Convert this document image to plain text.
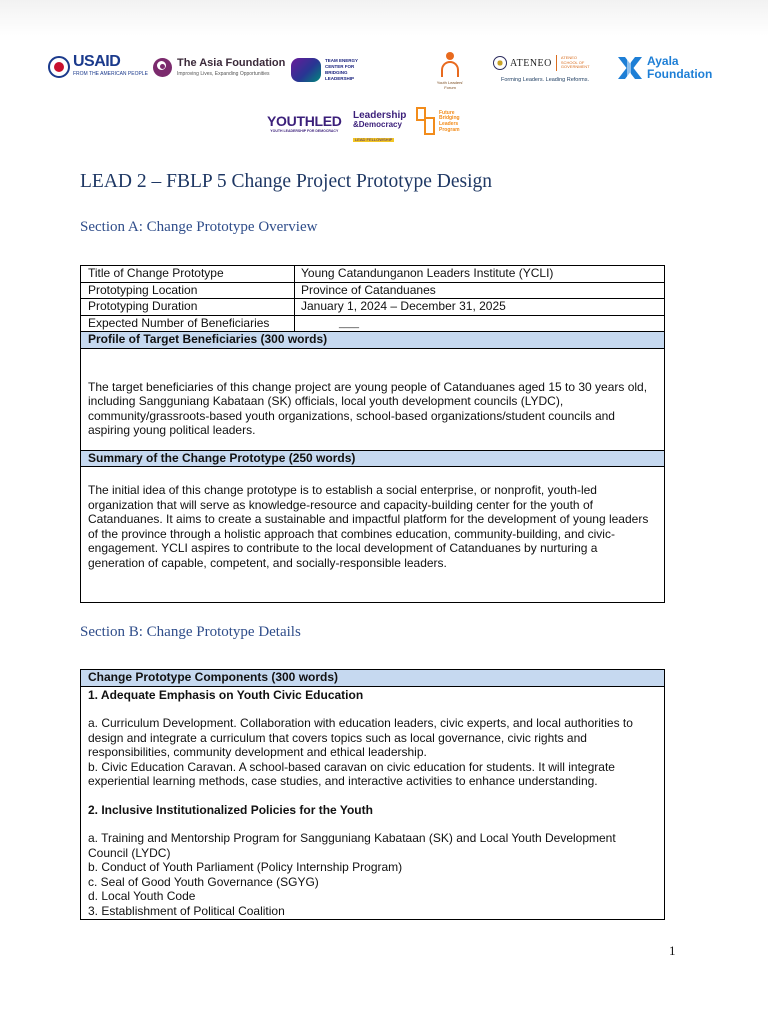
USAID
FROM THE AMERICAN PEOPLE
The Asia Foundation
Improving Lives, Expanding Opportunities
TEAM ENERGY CENTER FOR BRIDGING LEADERSHIP
Youth Leaders' Forum
ATENEO
ATENEO SCHOOL OF GOVERNMENT
Forming Leaders. Leading Reforms.
Ayala
Foundation
YOUTHLED
YOUTH LEADERSHIP FOR DEMOCRACY
Leadership
&Democracy
LEAD FELLOWSHIP
Future
Bridging
Leaders
Program
LEAD 2 – FBLP 5 Change Project Prototype Design
Section A: Change Prototype Overview
Title of Change Prototype	Young Catandunganon Leaders Institute (YCLI)
Prototyping Location	Province of Catanduanes
Prototyping Duration	January 1, 2024 – December 31, 2025
Expected Number of Beneficiaries	____
Profile of Target Beneficiaries (300 words)

The target beneficiaries of this change project are young people of Catanduanes aged 15 to 30 years old, including Sangguniang Kabataan (SK) officials, local youth development councils (LYDC), community/grassroots-based youth organizations, school-based organizations/student councils and aspiring young political leaders.

Summary of the Change Prototype (250 words)

The initial idea of this change prototype is to establish a social enterprise, or nonprofit, youth-led organization that will serve as knowledge-resource and capacity-building center for the youth of Catanduanes. It aims to create a sustainable and impactful platform for the development of young leaders of the province through a holistic approach that combines education, community-building, and civic-engagement. YCLI aspires to contribute to the local development of Catanduanes by nurturing a generation of capable, competent, and socially-responsible leaders.

Section B: Change Prototype Details
Change Prototype Components (300 words)
1. Adequate Emphasis on Youth Civic Education

a. Curriculum Development. Collaboration with education leaders, civic experts, and local authorities to design and integrate a curriculum that covers topics such as local governance, civic rights and responsibilities, community development and ethical leadership.

b. Civic Education Caravan. A school-based caravan on civic education for students. It will integrate experiential learning methods, case studies, and interactive activities to enhance understanding.

2. Inclusive Institutionalized Policies for the Youth
a. Training and Mentorship Program for Sangguniang Kabataan (SK) and Local Youth Development Council (LYDC)
b. Conduct of Youth Parliament (Policy Internship Program)
c. Seal of Good Youth Governance (SGYG)
d. Local Youth Code
3. Establishment of Political Coalition
1
